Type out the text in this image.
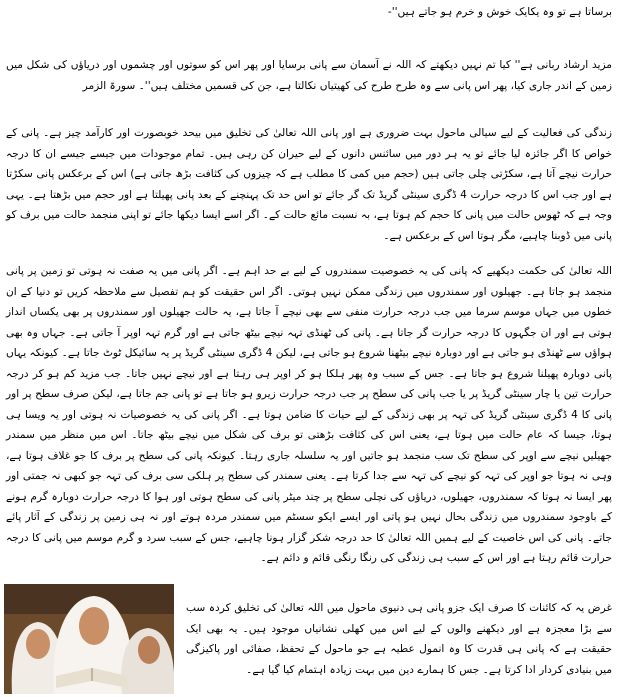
برساتا ہے تو وہ یکایک خوش و خرم ہو جاتے ہیں''-

مزید ارشاد ربانی ہے'' کیا تم نہیں دیکھتے کہ اللہ نے آسمان سے پانی برسایا اور پھر اس کو سوتوں اور چشموں اور دریاؤں کی شکل میں زمین کے اندر جاری کیا، پھر اس پانی سے وہ طرح طرح کی کھیتیاں نکالتا ہے، جن کی قسمیں مختلف ہیں''۔ سورۃ الزمر

زندگی کی فعالیت کے لیے سیالی ماحول بہت ضروری ہے اور پانی اللہ تعالیٰ کی تخلیق میں بیحد خوبصورت اور کارآمد چیز ہے۔ پانی کے خواص کا اگر جائزہ لیا جائے تو یہ ہر دور میں سائنس دانوں کے لیے حیران کن رہی ہیں۔ تمام موجودات میں جیسے جیسے ان کا درجہ حرارت نیچے آتا ہے، سکڑتی چلی جاتی ہیں (حجم میں کمی کا مطلب ہے کہ چیزوں کی کثافت بڑھ جاتی ہے) اس کے برعکس پانی سکڑتا ہے اور جب اس کا درجہ حرارت 4 ڈگری سینٹی گریڈ تک گر جائے تو اس حد تک پہنچنے کے بعد پانی پھیلتا ہے اور حجم میں بڑھتا ہے۔ یہی وجہ ہے کہ ٹھوس حالت میں پانی کا حجم کم ہوتا ہے، بہ نسبت مائع حالت کے۔ اگر اسے ایسا دیکھا جائے تو اپنی منجمد حالت میں برف کو پانی میں ڈوبنا چاہیے، مگر ہوتا اس کے برعکس ہے۔

اللہ تعالیٰ کی حکمت دیکھیے کہ پانی کی یہ خصوصیت سمندروں کے لیے بے حد اہم ہے۔ اگر پانی میں یہ صفت نہ ہوتی تو زمین پر پانی منجمد ہو جاتا ہے۔ جھیلوں اور سمندروں میں زندگی ممکن نہیں ہوتی۔ اگر اس حقیقت کو ہم تفصیل سے ملاحظہ کریں تو دنیا کے ان خطوں میں جہاں موسم سرما میں جب درجہ حرارت منفی سے بھی نیچے آ جاتا ہے، یہ حالت جھیلوں اور سمندروں پر بھی یکساں انداز ہوتی ہے اور ان جگہوں کا درجہ حرارت گر جاتا ہے۔ پانی کی ٹھنڈی تہہ نیچے بیٹھ جاتی ہے اور گرم تہہ اوپر آ جاتی ہے۔ جہاں وہ بھی ہواؤں سے ٹھنڈی ہو جاتی ہے اور دوبارہ نیچے بیٹھنا شروع ہو جاتی ہے، لیکن 4 ڈگری سینٹی گریڈ پر یہ سائیکل ٹوٹ جاتا ہے۔ کیونکہ یہاں پانی دوبارہ پھیلنا شروع ہو جاتا ہے۔ جس کے سبب وہ پھر ہلکا ہو کر اوپر ہی رہتا ہے اور نیچے نہیں جاتا۔ جب مزید کم ہو کر درجہ حرارت تین یا چار سینٹی گریڈ پر یا جب پانی کی سطح پر جب درجہ حرارت زیرو ہو جاتا ہے تو پانی جم جاتا ہے، لیکن صرف سطح پر اور پانی کا 4 ڈگری سینٹی گریڈ کی تہہ پر بھی زندگی کے لیے حیات کا ضامن ہوتا ہے۔ اگر پانی کی یہ خصوصیات نہ ہوتی اور یہ ویسا ہی ہوتا، جیسا کہ عام حالت میں ہوتا ہے، یعنی اس کی کثافت بڑھتی تو برف کی شکل میں نیچے بیٹھ جاتا۔ اس میں منظر میں سمندر جھیلیں نیچے سے اوپر کی سطح تک سب منجمد ہو جاتیں اور یہ سلسلہ جاری رہتا۔ کیونکہ پانی کی سطح پر برف کا جو غلاف ہوتا ہے، وہی نہ ہوتا جو اوپر کی تہہ کو نیچے کی تہہ سے جدا کرتا ہے۔ یعنی سمندر کی سطح پر ہلکی سی برف کی تہہ جو کبھی نہ جمتی اور پھر ایسا نہ ہوتا کہ سمندروں، جھیلوں، دریاؤں کی نچلی سطح پر چند میٹر پانی کی سطح ہوتی اور ہوا کا درجہ حرارت دوبارہ گرم ہونے کے باوجود سمندروں میں زندگی بحال نہیں ہو پاتی اور ایسے ایکو سسٹم میں سمندر مردہ ہوتے اور نہ ہی زمین پر زندگی کے آثار پائے جاتے۔ پانی کی اس خاصیت کے لیے ہمیں اللہ تعالیٰ کا حد درجہ شکر گزار ہونا چاہیے، جس کے سبب سرد و گرم موسم میں پانی کا درجہ حرارت قائم رہتا ہے اور اس کے سبب ہی زندگی کی رنگا رنگی قائم و دائم ہے۔

غرض یہ کہ کائنات کا صرف ایک جزو پانی ہی دنیوی ماحول میں اللہ تعالیٰ کی تخلیق کردہ سب سے بڑا معجزہ ہے اور دیکھنے والوں کے لیے اس میں کھلی نشانیاں موجود ہیں۔ یہ بھی ایک حقیقت ہے کہ پانی ہی قدرت کا وہ انمول عطیہ ہے جو ماحول کے تحفظ، صفائی اور پاکیزگی میں بنیادی کردار ادا کرتا ہے۔ جس کا ہمارے دین میں بہت زیادہ اہتمام کیا گیا ہے۔
